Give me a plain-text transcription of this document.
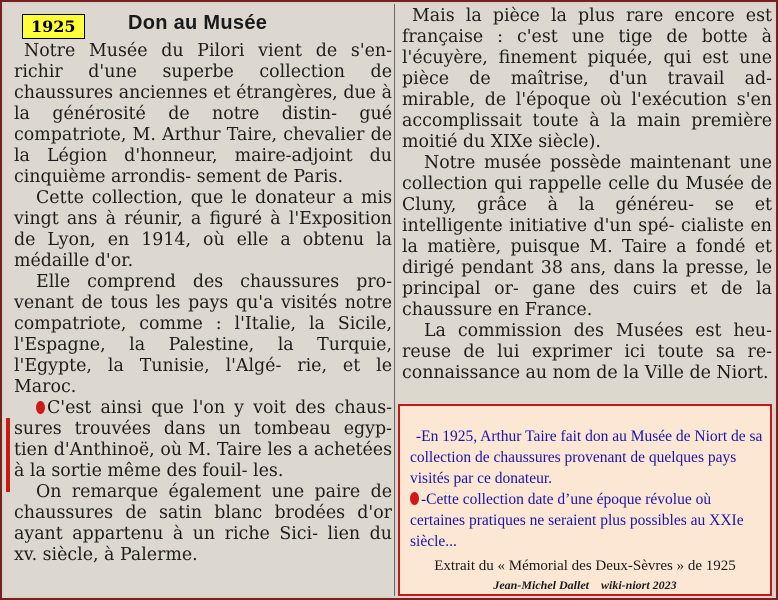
1925	Don au Musée

Notre Musée du Pilori vient de s'en- richir d'une superbe collection de chaussures anciennes et étrangères, due à la générosité de notre distin- gué compatriote, M. Arthur Taire, chevalier de la Légion d'honneur, maire-adjoint du cinquième arrondis- sement de Paris.

Cette collection, que le donateur a mis vingt ans à réunir, a figuré à l'Exposition de Lyon, en 1914, où elle a obtenu la médaille d'or.

Elle comprend des chaussures pro- venant de tous les pays qu'a visités notre compatriote, comme : l'Italie, la Sicile, l'Espagne, la Palestine, la Turquie, l'Egypte, la Tunisie, l'Algé- rie, et le Maroc.

C'est ainsi que l'on y voit des chaus- sures trouvées dans un tombeau egyp- tien d'Anthinoë, où M. Taire les a achetées à la sortie même des fouil- les.

On remarque également une paire de chaussures de satin blanc brodées d'or ayant appartenu à un riche Sici- lien du xv. siècle, à Palerme.

Mais la pièce la plus rare encore est française : c'est une tige de botte à l'écuyère, finement piquée, qui est une pièce de maîtrise, d'un travail ad- mirable, de l'époque où l'exécution s'en accomplissait toute à la main première moitié du XIXe siècle).

Notre musée possède maintenant une collection qui rappelle celle du Musée de Cluny, grâce à la généreu- se et intelligente initiative d'un spé- cialiste en la matière, puisque M. Taire a fondé et dirigé pendant 38 ans, dans la presse, le principal or- gane des cuirs et de la chaussure en France.

La commission des Musées est heu- reuse de lui exprimer ici toute sa re- connaissance au nom de la Ville de Niort.

-En 1925, Arthur Taire fait don au Musée de Niort de sa collection de chaussures provenant de quelques pays visités par ce donateur.

-Cette collection date d’une époque révolue où certaines pratiques ne seraient plus possibles au XXIe siècle...

Extrait du « Mémorial des Deux-Sèvres » de 1925
Jean-Michel Dallet wiki-niort 2023
